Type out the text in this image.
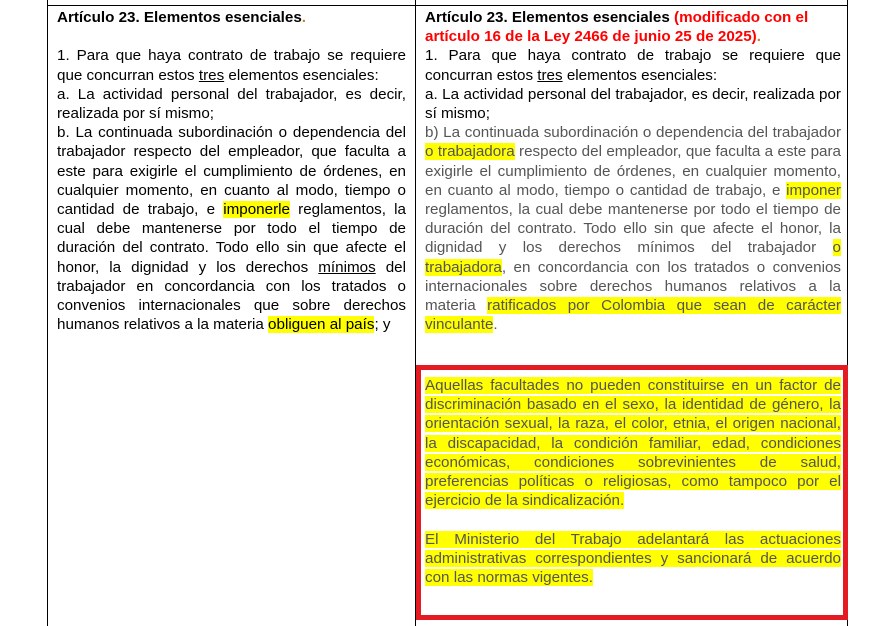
Artículo 23. Elementos esenciales.

1. Para que haya contrato de trabajo se requiere que concurran estos tres elementos esenciales:

a. La actividad personal del trabajador, es decir, realizada por sí mismo;

b. La continuada subordinación o dependencia del trabajador respecto del empleador, que faculta a este para exigirle el cumplimiento de órdenes, en cualquier momento, en cuanto al modo, tiempo o cantidad de trabajo, e imponerle reglamentos, la cual debe mantenerse por todo el tiempo de duración del contrato. Todo ello sin que afecte el honor, la dignidad y los derechos mínimos del trabajador en concordancia con los tratados o convenios internacionales que sobre derechos humanos relativos a la materia obliguen al país; y

Artículo 23. Elementos esenciales (modificado con el artículo 16 de la Ley 2466 de junio 25 de 2025).

1. Para que haya contrato de trabajo se requiere que concurran estos tres elementos esenciales:

a. La actividad personal del trabajador, es decir, realizada por sí mismo;

b) La continuada subordinación o dependencia del trabajador o trabajadora respecto del empleador, que faculta a este para exigirle el cumplimiento de órdenes, en cualquier momento, en cuanto al modo, tiempo o cantidad de trabajo, e imponer reglamentos, la cual debe mantenerse por todo el tiempo de duración del contrato. Todo ello sin que afecte el honor, la dignidad y los derechos mínimos del trabajador o trabajadora, en concordancia con los tratados o convenios internacionales sobre derechos humanos relativos a la materia ratificados por Colombia que sean de carácter vinculante.

Aquellas facultades no pueden constituirse en un factor de discriminación basado en el sexo, la identidad de género, la orientación sexual, la raza, el color, etnia, el origen nacional, la discapacidad, la condición familiar, edad, condiciones económicas, condiciones sobrevinientes de salud, preferencias políticas o religiosas, como tampoco por el ejercicio de la sindicalización.

El Ministerio del Trabajo adelantará las actuaciones administrativas correspondientes y sancionará de acuerdo con las normas vigentes.
